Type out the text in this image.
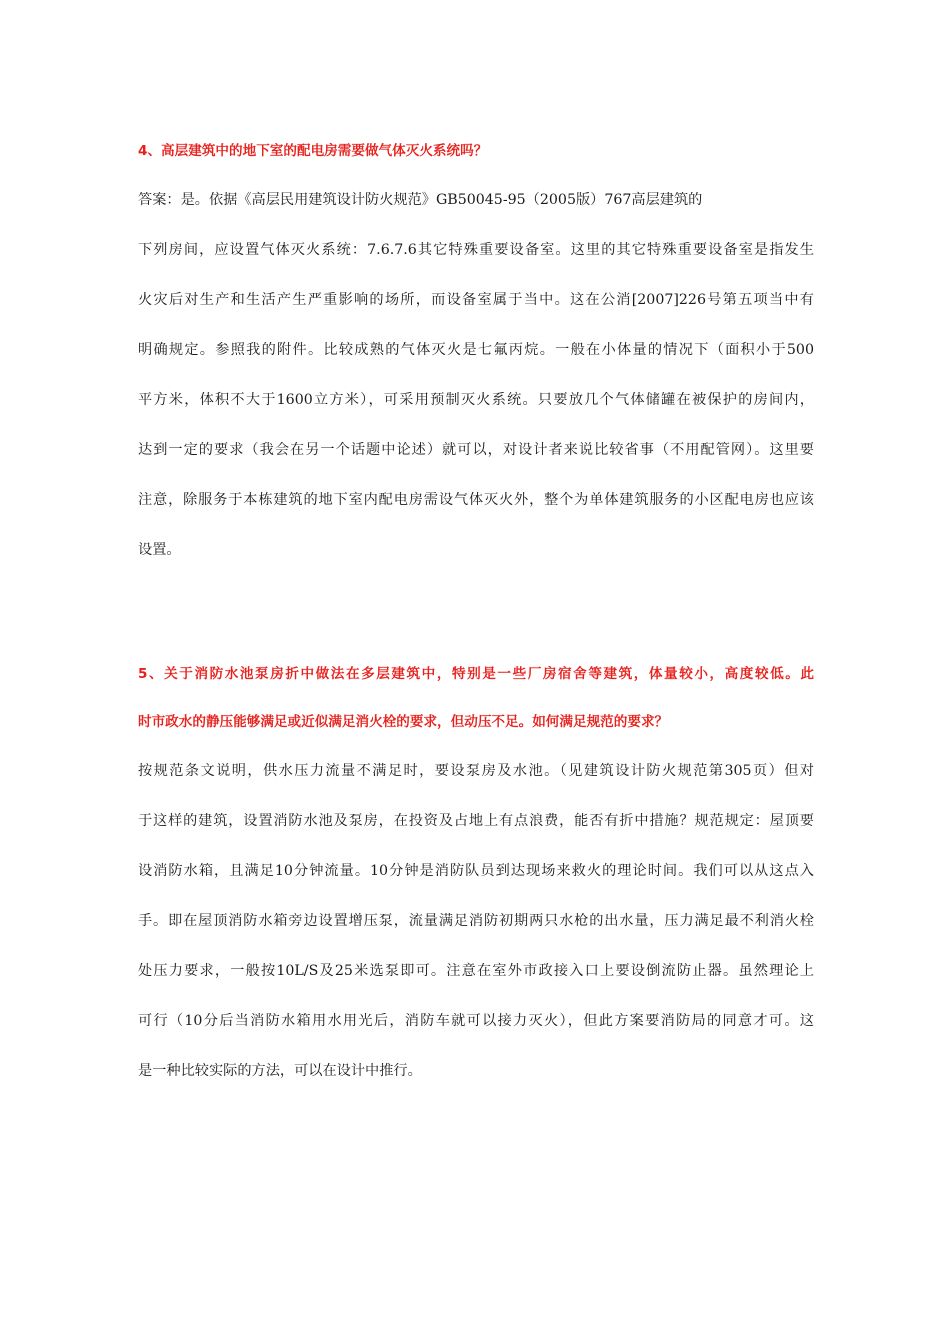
4、高层建筑中的地下室的配电房需要做气体灭火系统吗？
答案：是。依据《高层民用建筑设计防火规范》GB50045-95（2005版）767高层建筑的
下列房间，应设置气体灭火系统：7.6.7.6其它特殊重要设备室。这里的其它特殊重要设备室是指发生
火灾后对生产和生活产生严重影响的场所，而设备室属于当中。这在公消[2007]226号第五项当中有
明确规定。参照我的附件。比较成熟的气体灭火是七氟丙烷。一般在小体量的情况下（面积小于500
平方米，体积不大于1600立方米），可采用预制灭火系统。只要放几个气体储罐在被保护的房间内，
达到一定的要求（我会在另一个话题中论述）就可以，对设计者来说比较省事（不用配管网）。这里要
注意，除服务于本栋建筑的地下室内配电房需设气体灭火外，整个为单体建筑服务的小区配电房也应该
设置。
5、关于消防水池泵房折中做法在多层建筑中，特别是一些厂房宿舍等建筑，体量较小，高度较低。此
时市政水的静压能够满足或近似满足消火栓的要求，但动压不足。如何满足规范的要求？
按规范条文说明，供水压力流量不满足时，要设泵房及水池。（见建筑设计防火规范第305页）但对
于这样的建筑，设置消防水池及泵房，在投资及占地上有点浪费，能否有折中措施？规范规定：屋顶要
设消防水箱，且满足10分钟流量。10分钟是消防队员到达现场来救火的理论时间。我们可以从这点入
手。即在屋顶消防水箱旁边设置增压泵，流量满足消防初期两只水枪的出水量，压力满足最不利消火栓
处压力要求，一般按10L/S及25米选泵即可。注意在室外市政接入口上要设倒流防止器。虽然理论上
可行（10分后当消防水箱用水用光后，消防车就可以接力灭火），但此方案要消防局的同意才可。这
是一种比较实际的方法，可以在设计中推行。
